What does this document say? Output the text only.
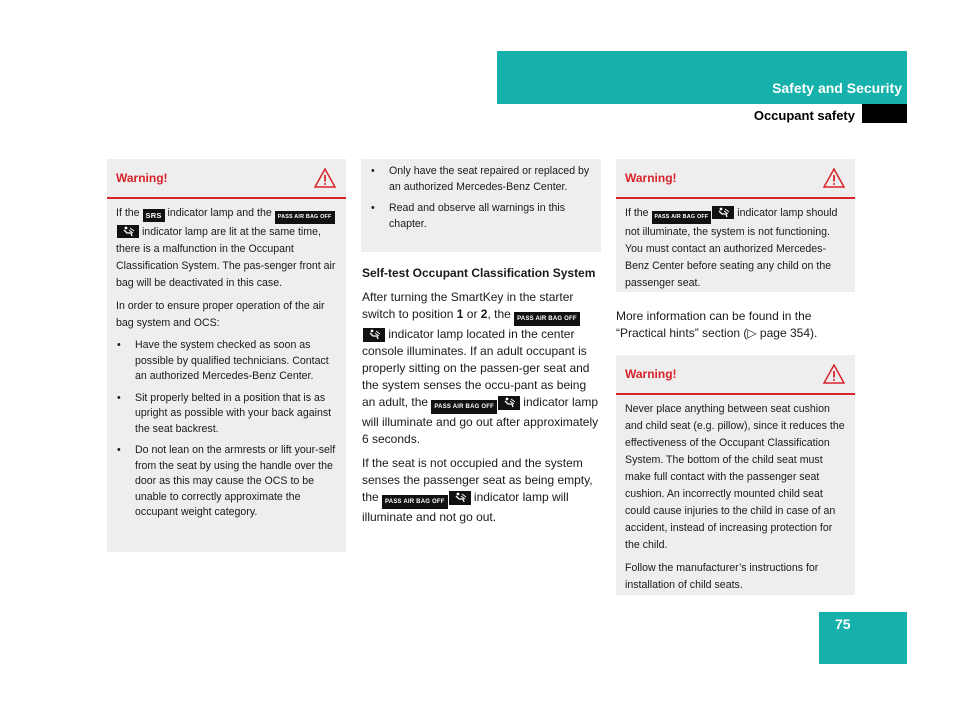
Safety and Security
Occupant safety
Warning!

If the SRS indicator lamp and the PASS AIR BAG OFF indicator lamp are lit at the same time, there is a malfunction in the Occupant Classification System. The pas-senger front air bag will be deactivated in this case.

In order to ensure proper operation of the air bag system and OCS:

• Have the system checked as soon as possible by qualified technicians. Contact an authorized Mercedes-Benz Center.
• Sit properly belted in a position that is as upright as possible with your back against the seat backrest.
• Do not lean on the armrests or lift your-self from the seat by using the handle over the door as this may cause the OCS to be unable to correctly approximate the occupant weight category.
• Only have the seat repaired or replaced by an authorized Mercedes-Benz Center.
• Read and observe all warnings in this chapter.
Self-test Occupant Classification System

After turning the SmartKey in the starter switch to position 1 or 2, the PASS AIR BAG OFF indicator lamp located in the center console illuminates. If an adult occupant is properly sitting on the passen-ger seat and the system senses the occu-pant as being an adult, the PASS AIR BAG OFF indicator lamp will illuminate and go out after approximately 6 seconds.

If the seat is not occupied and the system senses the passenger seat as being empty, the PASS AIR BAG OFF indicator lamp will illuminate and not go out.

Warning!

If the PASS AIR BAG OFF	indicator lamp should not illuminate, the system is not functioning. You must contact an authorized Mercedes-Benz Center before seating any child on the passenger seat.

More information can be found in the “Practical hints” section (▷ page 354).
Warning!

Never place anything between seat cushion and child seat (e.g. pillow), since it reduces the effectiveness of the Occupant Classification System. The bottom of the child seat must make full contact with the passenger seat cushion. An incorrectly mounted child seat could cause injuries to the child in case of an accident, instead of increasing protection for the child.

Follow the manufacturer’s instructions for installation of child seats.

75
